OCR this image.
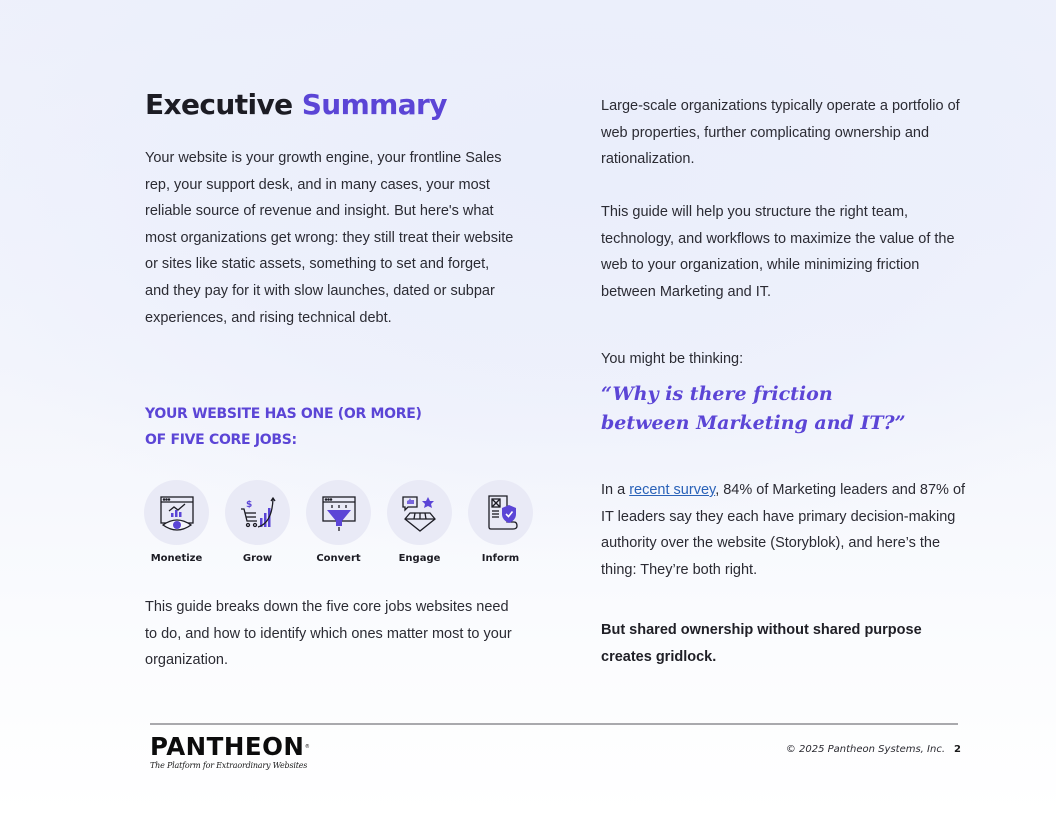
Executive Summary

Your website is your growth engine, your frontline Sales rep, your support desk, and in many cases, your most reliable source of revenue and insight. But here's what most organizations get wrong: they still treat their website or sites like static assets, something to set and forget, and they pay for it with slow launches, dated or subpar experiences, and rising technical debt.

YOUR WEBSITE HAS ONE (OR MORE)
OF FIVE CORE JOBS:
Monetize
$
Grow	Convert	Engage	Inform

This guide breaks down the five core jobs websites need to do, and how to identify which ones matter most to your organization.

Large-scale organizations typically operate a portfolio of web properties, further complicating ownership and rationalization.

This guide will help you structure the right team, technology, and workflows to maximize the value of the web to your organization, while minimizing friction between Marketing and IT.

You might be thinking:

“Why is there friction
between Marketing and IT?”

In a recent survey, 84% of Marketing leaders and 87% of IT leaders say they each have primary decision-making authority over the website (Storyblok), and here’s the thing: They’re both right.

But shared ownership without shared purpose creates gridlock.

PANTHEON ®
The Platform for Extraordinary Websites
© 2025 Pantheon Systems, Inc. 2
